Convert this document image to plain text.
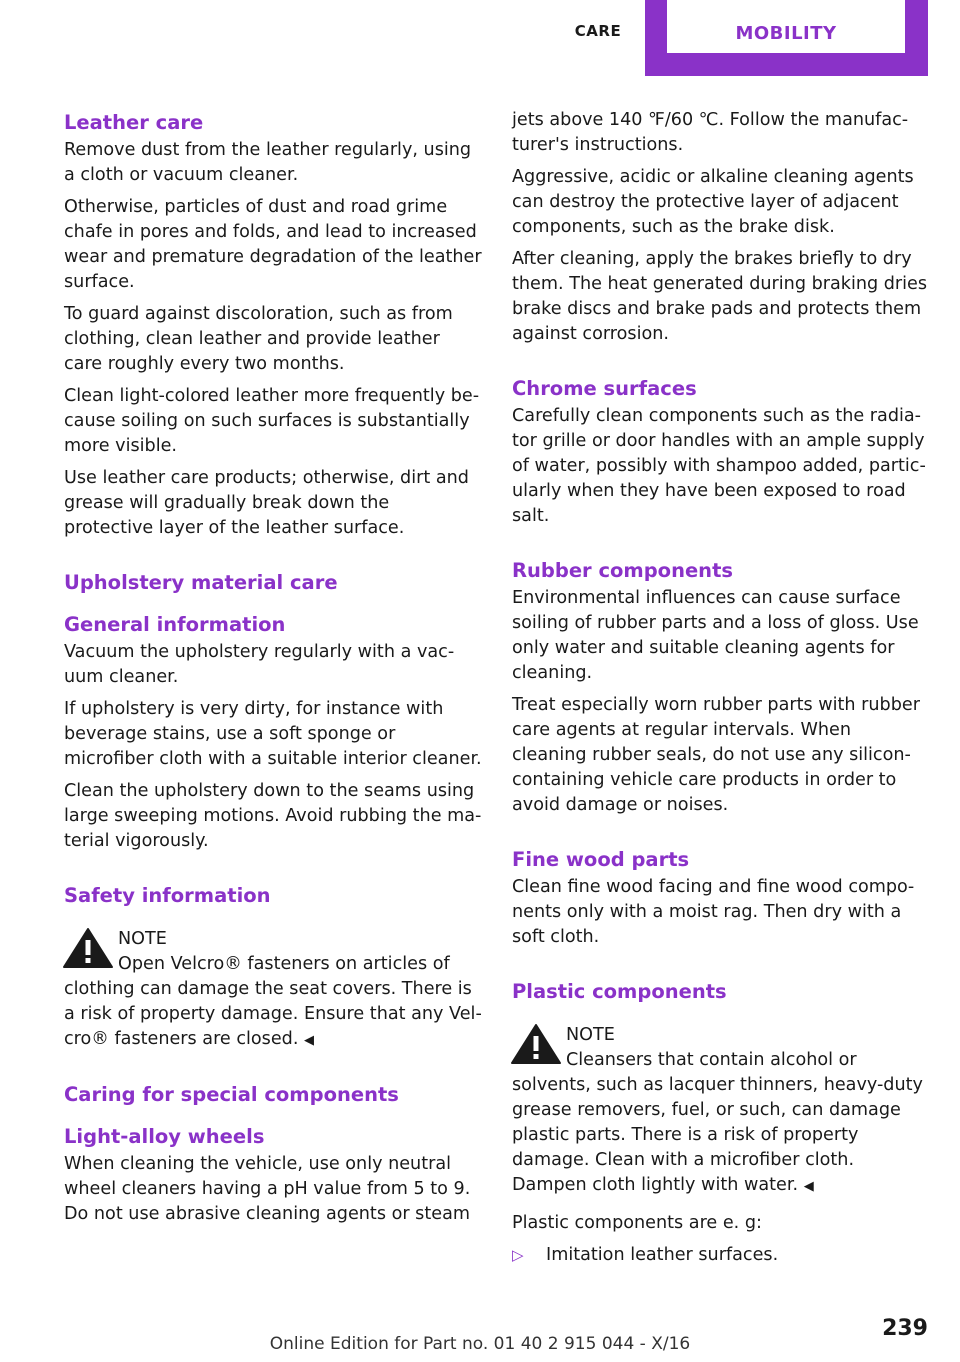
CARE	MOBILITY
Leather care

Remove dust from the leather regularly, using a cloth or vacuum cleaner.

Otherwise, particles of dust and road grime chafe in pores and folds, and lead to increased wear and premature degradation of the leather surface.

To guard against discoloration, such as from clothing, clean leather and provide leather care roughly every two months.

Clean light-colored leather more frequently because soiling on such surfaces is substantially more visible.

Use leather care products; otherwise, dirt and grease will gradually break down the protective layer of the leather surface.

Upholstery material care
General information

Vacuum the upholstery regularly with a vacuum cleaner.

If upholstery is very dirty, for instance with beverage stains, use a soft sponge or microfiber cloth with a suitable interior cleaner.

Clean the upholstery down to the seams using large sweeping motions. Avoid rubbing the material vigorously.

Safety information
NOTE
Open Velcro® fasteners on articles of clothing can damage the seat covers. There is a risk of property damage. Ensure that any Velcro® fasteners are closed. ◀
Caring for special components
Light-alloy wheels

When cleaning the vehicle, use only neutral wheel cleaners having a pH value from 5 to 9. Do not use abrasive cleaning agents or steam

jets above 140 ℉/60 ℃. Follow the manufacturer's instructions.

Aggressive, acidic or alkaline cleaning agents can destroy the protective layer of adjacent components, such as the brake disk.

After cleaning, apply the brakes briefly to dry them. The heat generated during braking dries brake discs and brake pads and protects them against corrosion.

Chrome surfaces

Carefully clean components such as the radiator grille or door handles with an ample supply of water, possibly with shampoo added, particularly when they have been exposed to road salt.

Rubber components

Environmental influences can cause surface soiling of rubber parts and a loss of gloss. Use only water and suitable cleaning agents for cleaning.

Treat especially worn rubber parts with rubber care agents at regular intervals. When cleaning rubber seals, do not use any silicon-containing vehicle care products in order to avoid damage or noises.

Fine wood parts

Clean fine wood facing and fine wood components only with a moist rag. Then dry with a soft cloth.

Plastic components
NOTE
Cleansers that contain alcohol or solvents, such as lacquer thinners, heavy-duty grease removers, fuel, or such, can damage plastic parts. There is a risk of property damage. Clean with a microfiber cloth. Dampen cloth lightly with water. ◀

Plastic components are e. g:

▷ Imitation leather surfaces.
239
Online Edition for Part no. 01 40 2 915 044 - X/16
